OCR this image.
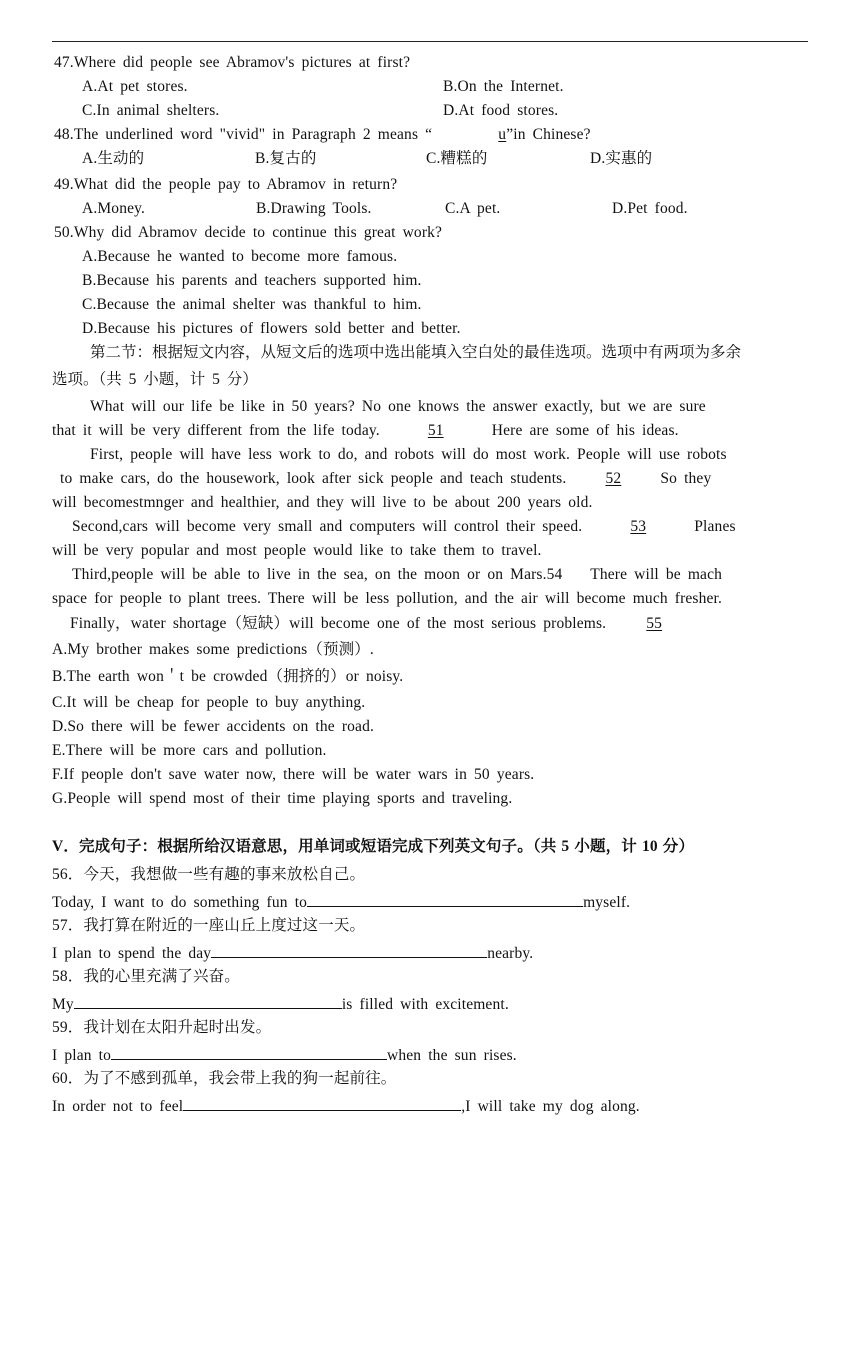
47.Where did people see Abramov's pictures at first?
A.At pet stores.	B.On the Internet.
C.In animal shelters.	D.At food stores.
48.The underlined word "vivid" in Paragraph 2 means “	u”in Chinese?
A.生动的	B.复古的	C.糟糕的	D.实惠的
49.What did the people pay to Abramov in return?
A.Money.	B.Drawing Tools.	C.A pet.	D.Pet food.
50.Why did Abramov decide to continue this great work?
A.Because he wanted to become more famous.
B.Because his parents and teachers supported him.
C.Because the animal shelter was thankful to him.
D.Because his pictures of flowers sold better and better.
第二节：根据短文内容，从短文后的选项中选出能填入空白处的最佳选项。选项中有两项为多余
选项。（共 5 小题，计 5 分）
What will our life be like in 50 years? No one knows the answer exactly, but we are sure
that it will be very different from the life today.	51	Here are some of his ideas.
First, people will have less work to do, and robots will do most work. People will use robots
to make cars, do the housework, look after sick people and teach students.	52	So they
will becomestmnger and healthier, and they will live to be about 200 years old.
Second,cars will become very small and computers will control their speed.	53	Planes
will be very popular and most people would like to take them to travel.
Third,people will be able to live in the sea, on the moon or on Mars.54    There will be mach
space for people to plant trees. There will be less pollution, and the air will become much fresher.
Finally，water shortage（短缺）will become one of the most serious problems.	55
A.My brother makes some predictions（预测）.
B.The earth won＇t be crowded（拥挤的）or noisy.
C.It will be cheap for people to buy anything.
D.So there will be fewer accidents on the road.
E.There will be more cars and pollution.
F.If people don't save water now, there will be water wars in 50 years.
G.People will spend most of their time playing sports and traveling.
V．完成句子：根据所给汉语意思，用单词或短语完成下列英文句子。（共 5 小题，计 10 分）
56．今天，我想做一些有趣的事来放松自己。
Today, I want to do something fun to	myself.
57．我打算在附近的一座山丘上度过这一天。
I plan to spend the day	nearby.
58．我的心里充满了兴奋。
My	is filled with excitement.
59．我计划在太阳升起时出发。
I plan to	when the sun rises.
60．为了不感到孤单，我会带上我的狗一起前往。
In order not to feel	,I will take my dog along.
